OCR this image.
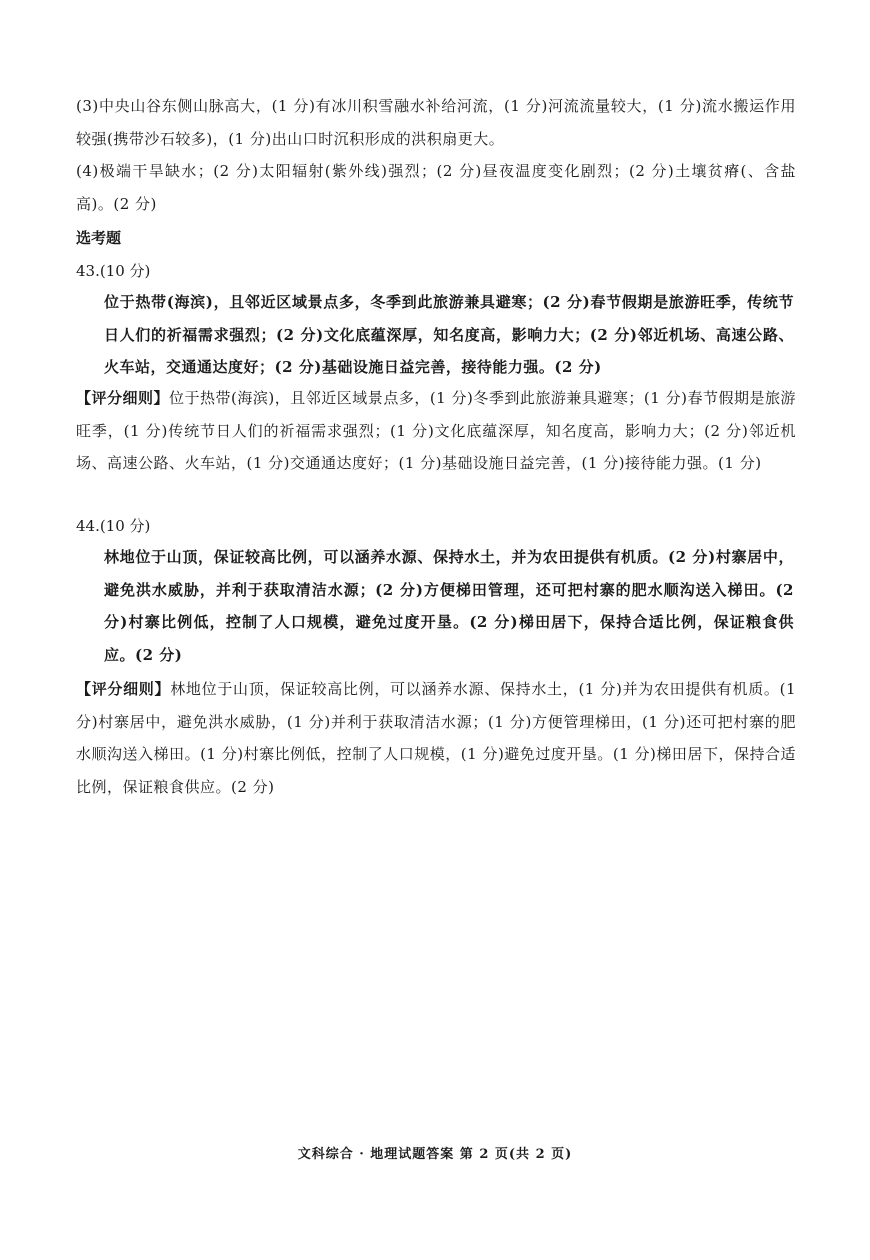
(3)中央山谷东侧山脉高大，(1 分)有冰川积雪融水补给河流，(1 分)河流流量较大，(1 分)流水搬运作用较强(携带沙石较多)，(1 分)出山口时沉积形成的洪积扇更大。

(4)极端干旱缺水；(2 分)太阳辐射(紫外线)强烈；(2 分)昼夜温度变化剧烈；(2 分)土壤贫瘠(、含盐高)。(2 分)

选考题

43.(10 分)

位于热带(海滨)，且邻近区域景点多，冬季到此旅游兼具避寒；(2 分)春节假期是旅游旺季，传统节日人们的祈福需求强烈；(2 分)文化底蕴深厚，知名度高，影响力大；(2 分)邻近机场、高速公路、火车站，交通通达度好；(2 分)基础设施日益完善，接待能力强。(2 分)

【评分细则】位于热带(海滨)，且邻近区域景点多，(1 分)冬季到此旅游兼具避寒；(1 分)春节假期是旅游旺季，(1 分)传统节日人们的祈福需求强烈；(1 分)文化底蕴深厚，知名度高，影响力大；(2 分)邻近机场、高速公路、火车站，(1 分)交通通达度好；(1 分)基础设施日益完善，(1 分)接待能力强。(1 分)

44.(10 分)

林地位于山顶，保证较高比例，可以涵养水源、保持水土，并为农田提供有机质。(2 分)村寨居中，避免洪水威胁，并利于获取清洁水源；(2 分)方便梯田管理，还可把村寨的肥水顺沟送入梯田。(2 分)村寨比例低，控制了人口规模，避免过度开垦。(2 分)梯田居下，保持合适比例，保证粮食供应。(2 分)

【评分细则】林地位于山顶，保证较高比例，可以涵养水源、保持水土，(1 分)并为农田提供有机质。(1 分)村寨居中，避免洪水威胁，(1 分)并利于获取清洁水源；(1 分)方便管理梯田，(1 分)还可把村寨的肥水顺沟送入梯田。(1 分)村寨比例低，控制了人口规模，(1 分)避免过度开垦。(1 分)梯田居下，保持合适比例，保证粮食供应。(2 分)

文科综合 · 地理试题答案 第 2 页(共 2 页)
